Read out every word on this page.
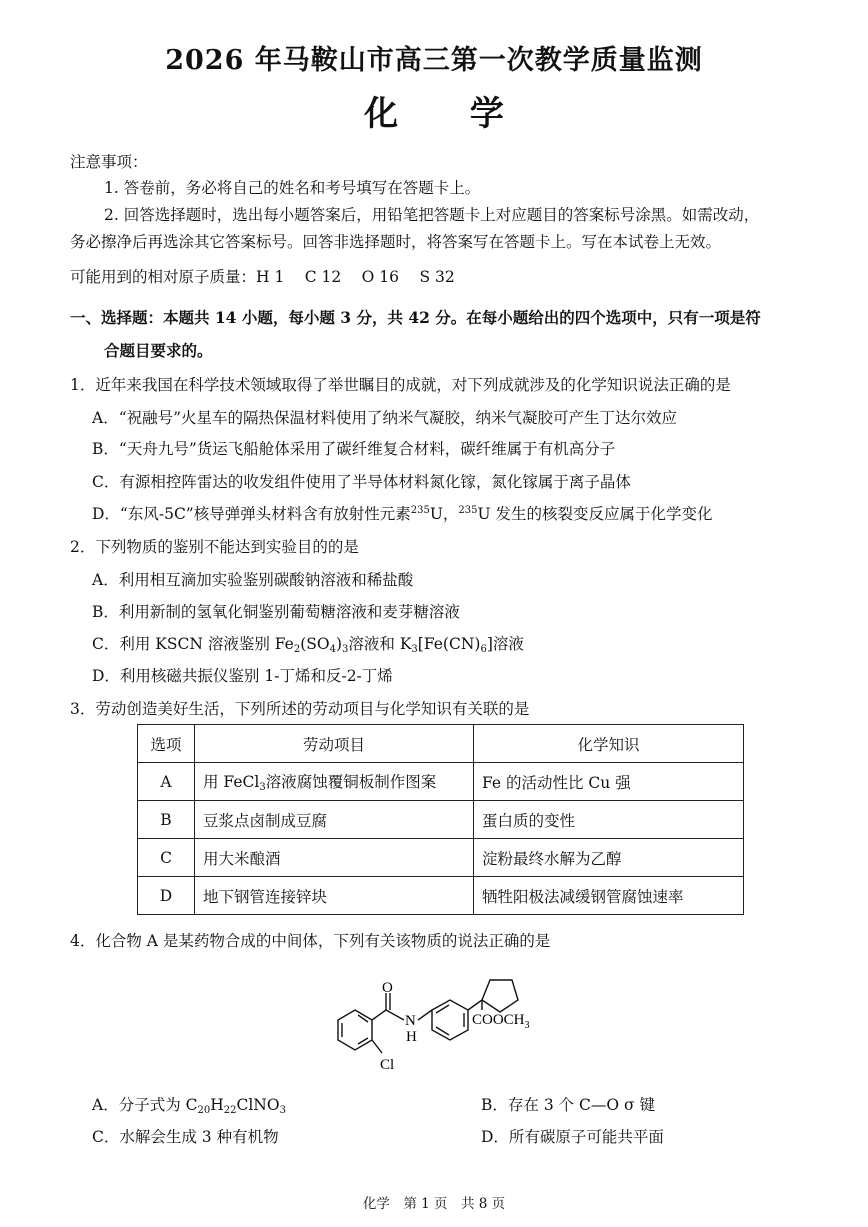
2026 年马鞍山市高三第一次教学质量监测
化 学
注意事项：
1. 答卷前，务必将自己的姓名和考号填写在答题卡上。
2. 回答选择题时，选出每小题答案后，用铅笔把答题卡上对应题目的答案标号涂黑。如需改动，
务必擦净后再选涂其它答案标号。回答非选择题时，将答案写在答题卡上。写在本试卷上无效。
可能用到的相对原子质量：H 1　 C 12　 O 16　 S 32
一、选择题：本题共 14 小题，每小题 3 分，共 42 分。在每小题给出的四个选项中，只有一项是符
合题目要求的。
1．近年来我国在科学技术领域取得了举世瞩目的成就，对下列成就涉及的化学知识说法正确的是
A．“祝融号”火星车的隔热保温材料使用了纳米气凝胶，纳米气凝胶可产生丁达尔效应
B．“天舟九号”货运飞船舱体采用了碳纤维复合材料，碳纤维属于有机高分子
C．有源相控阵雷达的收发组件使用了半导体材料氮化镓，氮化镓属于离子晶体
D．“东风-5C”核导弹弹头材料含有放射性元素$^{235}$U，$^{235}$U 发生的核裂变反应属于化学变化
2．下列物质的鉴别不能达到实验目的的是
A．利用相互滴加实验鉴别碳酸钠溶液和稀盐酸
B．利用新制的氢氧化铜鉴别葡萄糖溶液和麦芽糖溶液
C．利用 KSCN 溶液鉴别 $Fe_2(SO_4)_3$溶液和 $K_3[Fe(CN)_6]$溶液
D．利用核磁共振仪鉴别 1-丁烯和反-2-丁烯
3．劳动创造美好生活，下列所述的劳动项目与化学知识有关联的是
选项	劳动项目	化学知识
A	用 FeCl$_3$溶液腐蚀覆铜板制作图案	Fe 的活动性比 Cu 强
B	豆浆点卤制成豆腐	蛋白质的变性
C	用大米酿酒	淀粉最终水解为乙醇
D	地下钢管连接锌块	牺牲阳极法减缓钢管腐蚀速率
4．化合物 A 是某药物合成的中间体，下列有关该物质的说法正确的是
O
N
H
Cl
$COOCH_3$
A．分子式为 $C_{20}H_{22}ClNO_3$	B．存在 3 个 C—O σ 键
C．水解会生成 3 种有机物	D．所有碳原子可能共平面
化学　第 1 页　共 8 页
